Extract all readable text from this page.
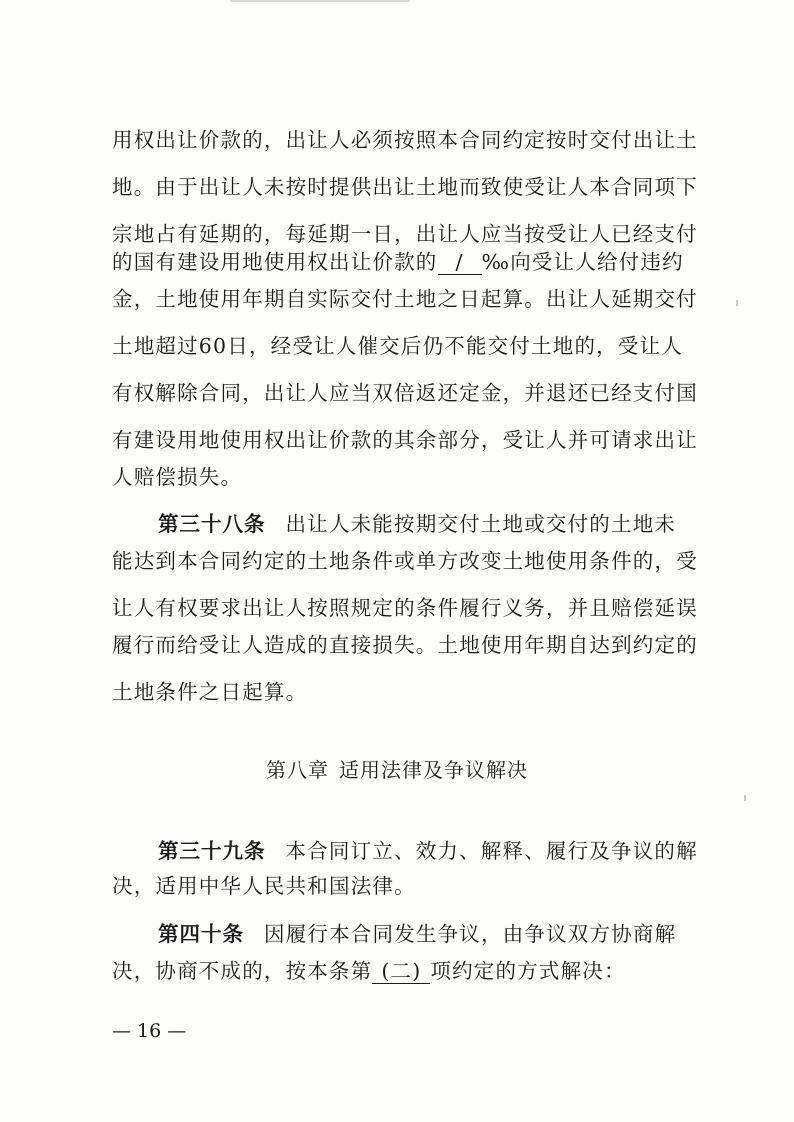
用权出让价款的，出让人必须按照本合同约定按时交付出让土
地。由于出让人未按时提供出让土地而致使受让人本合同项下
宗地占有延期的，每延期一日，出让人应当按受让人已经支付
的国有建设用地使用权出让价款的 / ‰向受让人给付违约
金，土地使用年期自实际交付土地之日起算。出让人延期交付
土地超过60日，经受让人催交后仍不能交付土地的，受让人
有权解除合同，出让人应当双倍返还定金，并退还已经支付国
有建设用地使用权出让价款的其余部分，受让人并可请求出让
人赔偿损失。
第三十八条 出让人未能按期交付土地或交付的土地未
能达到本合同约定的土地条件或单方改变土地使用条件的，受
让人有权要求出让人按照规定的条件履行义务，并且赔偿延误
履行而给受让人造成的直接损失。土地使用年期自达到约定的
土地条件之日起算。
第八章 适用法律及争议解决
第三十九条 本合同订立、效力、解释、履行及争议的解
决，适用中华人民共和国法律。
第四十条 因履行本合同发生争议，由争议双方协商解
决，协商不成的，按本条第 (二) 项约定的方式解决：
— 16 —
